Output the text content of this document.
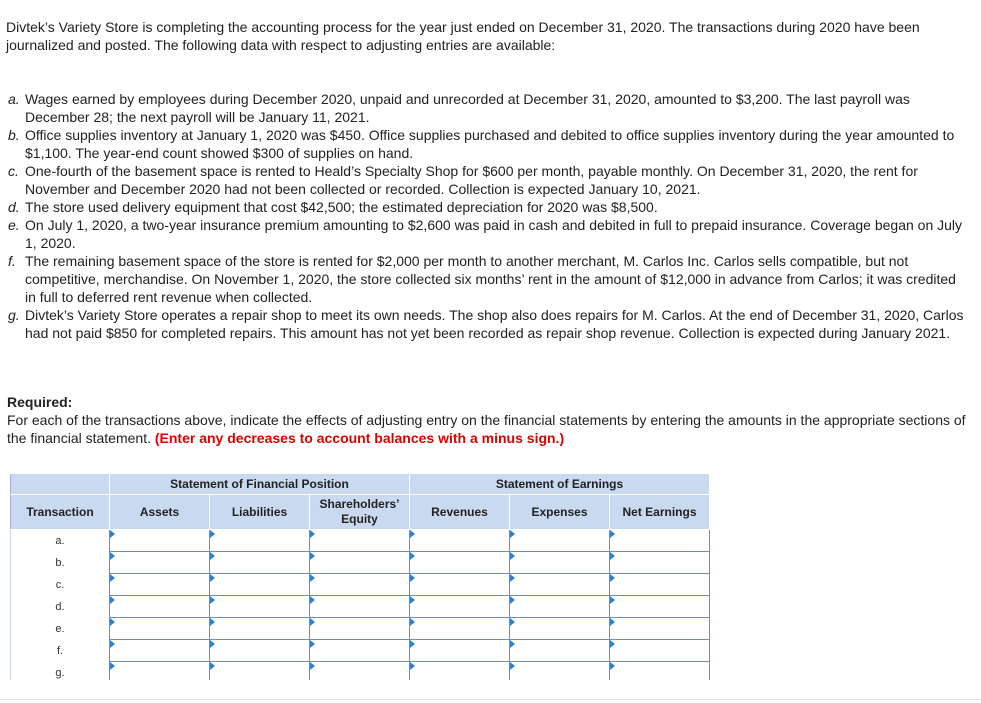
Divtek’s Variety Store is completing the accounting process for the year just ended on December 31, 2020. The transactions during 2020 have been journalized and posted. The following data with respect to adjusting entries are available:

a. Wages earned by employees during December 2020, unpaid and unrecorded at December 31, 2020, amounted to $3,200. The last payroll was December 28; the next payroll will be January 11, 2021.
b. Office supplies inventory at January 1, 2020 was $450. Office supplies purchased and debited to office supplies inventory during the year amounted to $1,100. The year-end count showed $300 of supplies on hand.
c. One-fourth of the basement space is rented to Heald’s Specialty Shop for $600 per month, payable monthly. On December 31, 2020, the rent for November and December 2020 had not been collected or recorded. Collection is expected January 10, 2021.
d. The store used delivery equipment that cost $42,500; the estimated depreciation for 2020 was $8,500.
e. On July 1, 2020, a two-year insurance premium amounting to $2,600 was paid in cash and debited in full to prepaid insurance. Coverage began on July 1, 2020.
f. The remaining basement space of the store is rented for $2,000 per month to another merchant, M. Carlos Inc. Carlos sells compatible, but not competitive, merchandise. On November 1, 2020, the store collected six months’ rent in the amount of $12,000 in advance from Carlos; it was credited in full to deferred rent revenue when collected.
g. Divtek’s Variety Store operates a repair shop to meet its own needs. The shop also does repairs for M. Carlos. At the end of December 31, 2020, Carlos had not paid $850 for completed repairs. This amount has not yet been recorded as repair shop revenue. Collection is expected during January 2021.

Required:

For each of the transactions above, indicate the effects of adjusting entry on the financial statements by entering the amounts in the appropriate sections of the financial statement. (Enter any decreases to account balances with a minus sign.)

	Statement of Financial Position			Statement of Earnings		
Transaction	Assets	Liabilities	Shareholders’ Equity	Revenues	Expenses	Net Earnings
a.	

b.	

c.	

d.	

e.	

f.	

g.	
